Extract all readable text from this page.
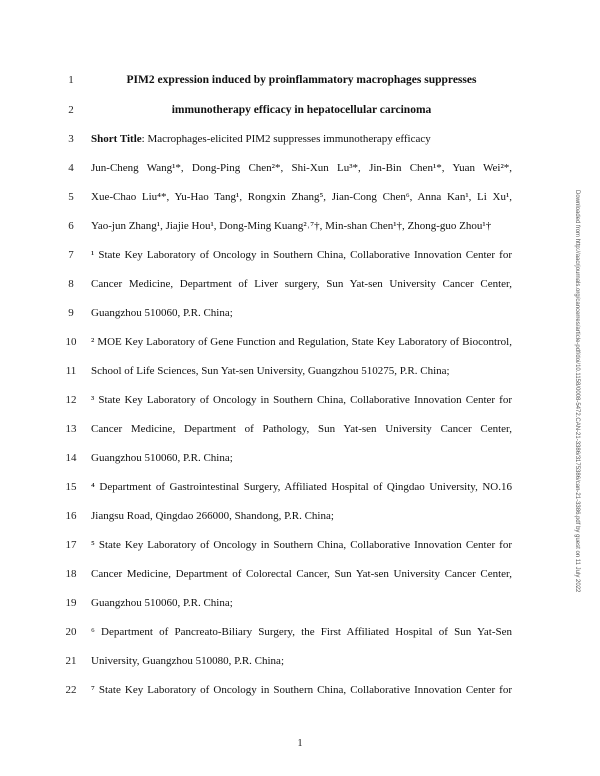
1	PIM2 expression induced by proinflammatory macrophages suppresses
2	immunotherapy efficacy in hepatocellular carcinoma
3	Short Title: Macrophages-elicited PIM2 suppresses immunotherapy efficacy
4	Jun-Cheng Wang¹*, Dong-Ping Chen²*, Shi-Xun Lu³*, Jin-Bin Chen¹*, Yuan Wei²*,
5	Xue-Chao Liu⁴*, Yu-Hao Tang¹, Rongxin Zhang⁵, Jian-Cong Chen⁶, Anna Kan¹, Li Xu¹,
6	Yao-jun Zhang¹, Jiajie Hou¹, Dong-Ming Kuang²˒⁷†, Min-shan Chen¹†, Zhong-guo Zhou¹†
7	¹ State Key Laboratory of Oncology in Southern China, Collaborative Innovation Center for
8	Cancer Medicine, Department of Liver surgery, Sun Yat-sen University Cancer Center,
9	Guangzhou 510060, P.R. China;
10	² MOE Key Laboratory of Gene Function and Regulation, State Key Laboratory of Biocontrol,
11	School of Life Sciences, Sun Yat-sen University, Guangzhou 510275, P.R. China;
12	³ State Key Laboratory of Oncology in Southern China, Collaborative Innovation Center for
13	Cancer Medicine, Department of Pathology, Sun Yat-sen University Cancer Center,
14	Guangzhou 510060, P.R. China;
15	⁴ Department of Gastrointestinal Surgery, Affiliated Hospital of Qingdao University, NO.16
16	Jiangsu Road, Qingdao 266000, Shandong, P.R. China;
17	⁵ State Key Laboratory of Oncology in Southern China, Collaborative Innovation Center for
18	Cancer Medicine, Department of Colorectal Cancer, Sun Yat-sen University Cancer Center,
19	Guangzhou 510060, P.R. China;
20	⁶ Department of Pancreato-Biliary Surgery, the First Affiliated Hospital of Sun Yat-Sen
21	University, Guangzhou 510080, P.R. China;
22	⁷ State Key Laboratory of Oncology in Southern China, Collaborative Innovation Center for
Downloaded from http://aacrjournals.org/cancerres/article-pdf/doi/10.1158/0008-5472.CAN-21-3386/3175386/can-21-3386.pdf by guest on 11 July 2022
1
